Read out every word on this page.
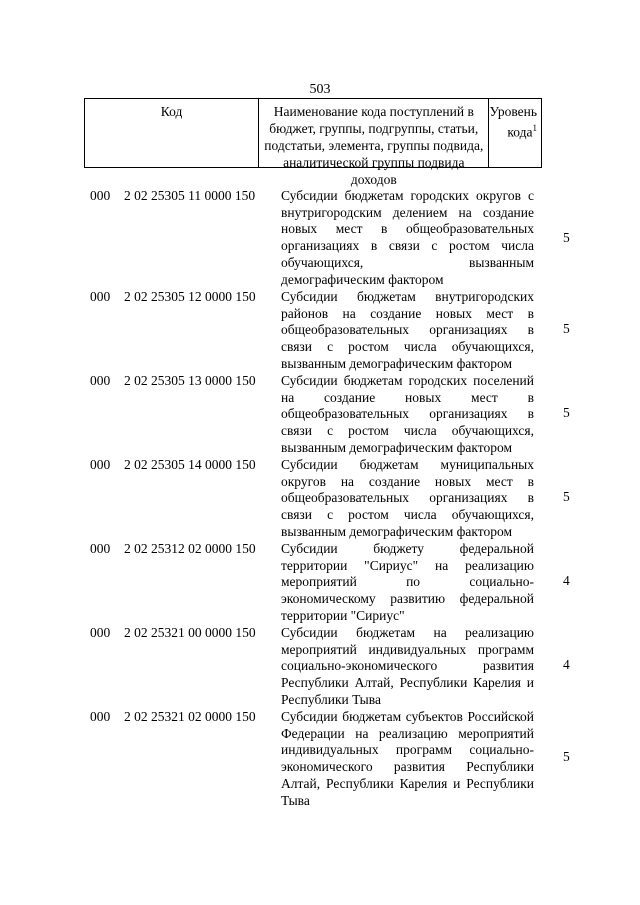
503
Код	Наименование кода поступлений в бюджет, группы, подгруппы, статьи, подстатьи, элемента, группы подвида, аналитической группы подвида доходов
Уровень кода$^1$
000 2 02 25305 11 0000 150 Субсидии бюджетам городских округов с внутригородским делением на создание новых мест в общеобразовательных организациях в связи с ростом числа обучающихся, вызванным демографическим фактором
5
000 2 02 25305 12 0000 150 Субсидии бюджетам внутригородских районов на создание новых мест в общеобразовательных организациях в связи с ростом числа обучающихся, вызванным демографическим фактором
5
000 2 02 25305 13 0000 150 Субсидии бюджетам городских поселений на создание новых мест в общеобразовательных организациях в связи с ростом числа обучающихся, вызванным демографическим фактором
5
000 2 02 25305 14 0000 150 Субсидии бюджетам муниципальных округов на создание новых мест в общеобразовательных организациях в связи с ростом числа обучающихся, вызванным демографическим фактором
5
000 2 02 25312 02 0000 150 Субсидии бюджету федеральной территории "Сириус" на реализацию мероприятий по социально-экономическому развитию федеральной территории "Сириус"
4
000 2 02 25321 00 0000 150 Субсидии бюджетам на реализацию мероприятий индивидуальных программ социально-экономического развития Республики Алтай, Республики Карелия и Республики Тыва
4
000 2 02 25321 02 0000 150 Субсидии бюджетам субъектов Российской Федерации на реализацию мероприятий индивидуальных программ социально-экономического развития Республики Алтай, Республики Карелия и Республики Тыва
5
